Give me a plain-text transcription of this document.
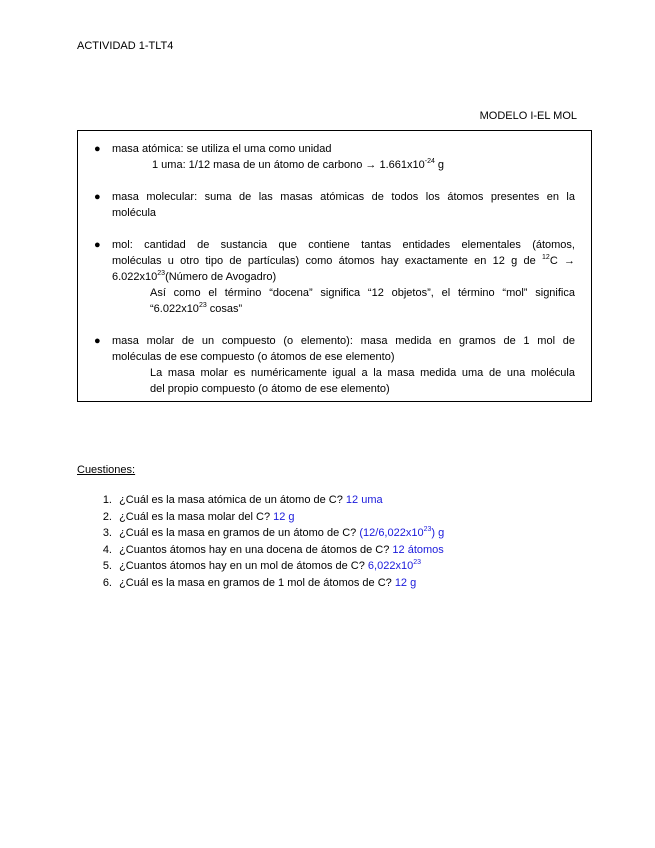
ACTIVIDAD 1-TLT4
MODELO I-EL MOL
● masa atómica: se utiliza el uma como unidad
1 uma: 1/12 masa de un átomo de carbono → $1.661x10^{-24}$ g
● masa molecular: suma de las masas atómicas de todos los átomos presentes en la
molécula
● mol: cantidad de sustancia que contiene tantas entidades elementales (átomos,
moléculas u otro tipo de partículas) como átomos hay exactamente en 12 g de $^{12}$C →
$6.022x10^{23}(Número$ de Avogadro)
Así como el término “docena” significa “12 objetos”, el término “mol” significa
“$6.022x10^{23}$ cosas”
● masa molar de un compuesto (o elemento): masa medida en gramos de 1 mol de
moléculas de ese compuesto (o átomos de ese elemento)
La masa molar es numéricamente igual a la masa medida uma de una molécula
del propio compuesto (o átomo de ese elemento)
Cuestiones:
1. ¿Cuál es la masa atómica de un átomo de C? 12 uma
2. ¿Cuál es la masa molar del C? 12 g
3. ¿Cuál es la masa en gramos de un átomo de C? $(12/6,022x10^{23})$ g
4. ¿Cuantos átomos hay en una docena de átomos de C? 12 átomos
5. ¿Cuantos átomos hay en un mol de átomos de C? $6,022x10^{23}$
6. ¿Cuál es la masa en gramos de 1 mol de átomos de C? 12 g
